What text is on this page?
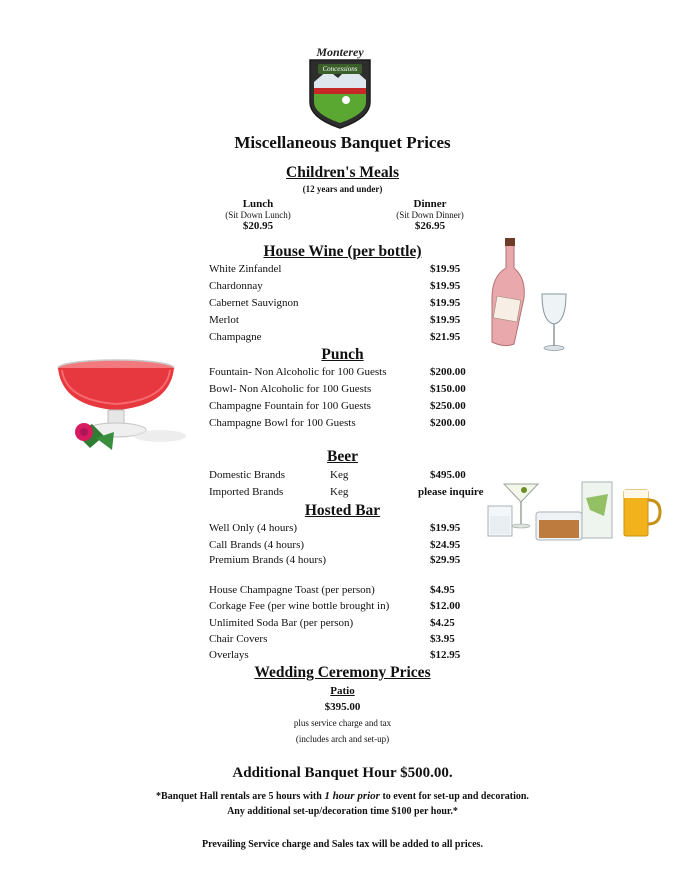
Monterey
Concessions
Miscellaneous Banquet Prices
Children's Meals
(12 years and under)
Lunch
(Sit Down Lunch)
$20.95
Dinner
(Sit Down Dinner)
$26.95
House Wine (per bottle)
White Zinfandel	$19.95
Chardonnay	$19.95
Cabernet Sauvignon	$19.95
Merlot	$19.95
Champagne	$21.95
Punch
Fountain- Non Alcoholic for 100 Guests	$200.00
Bowl- Non Alcoholic for 100 Guests	$150.00
Champagne Fountain for 100 Guests	$250.00
Champagne Bowl for 100 Guests	$200.00
Beer
Domestic Brands	Keg	$495.00
Imported Brands	Keg	please inquire
Hosted Bar
Well Only (4 hours)	$19.95
Call Brands (4 hours)	$24.95
Premium Brands (4 hours)	$29.95
House Champagne Toast (per person)	$4.95
Corkage Fee (per wine bottle brought in)	$12.00
Unlimited Soda Bar (per person)	$4.25
Chair Covers	$3.95
Overlays	$12.95
Wedding Ceremony Prices
Patio
$395.00
plus service charge and tax
(includes arch and set-up)
Additional Banquet Hour $500.00.
*Banquet Hall rentals are 5 hours with 1 hour prior to event for set-up and decoration.
Any additional set-up/decoration time $100 per hour.*
Prevailing Service charge and Sales tax will be added to all prices.
